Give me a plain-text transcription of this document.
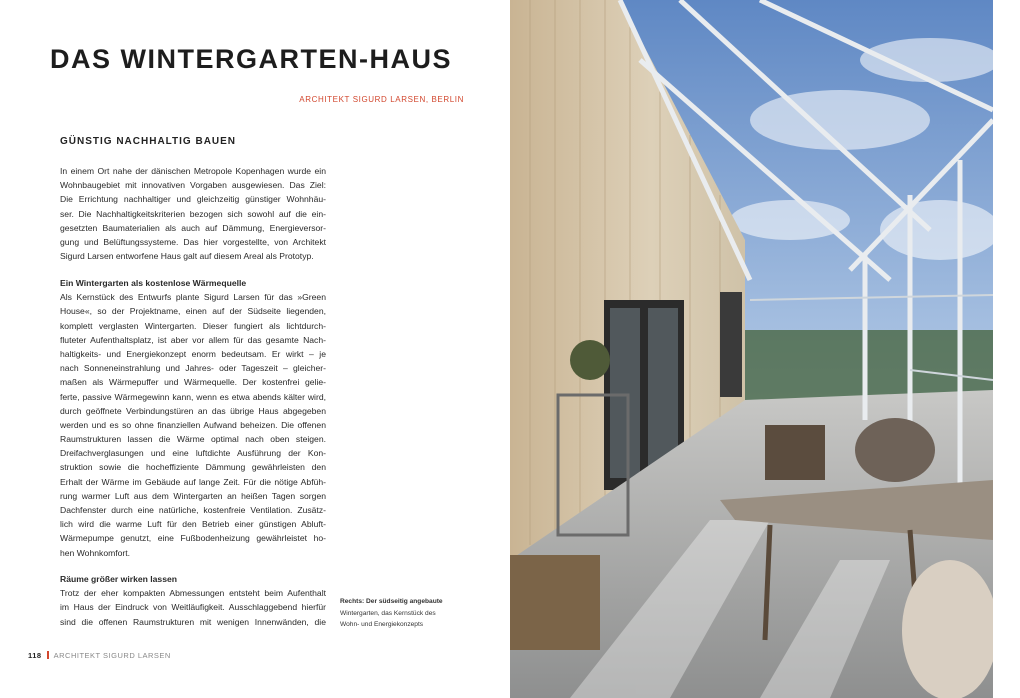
DAS WINTERGARTEN-HAUS
ARCHITEKT SIGURD LARSEN, BERLIN
GÜNSTIG NACHHALTIG BAUEN
In einem Ort nahe der dänischen Metropole Kopenhagen wurde ein
Wohnbaugebiet mit innovativen Vorgaben ausgewiesen. Das Ziel:
Die Errichtung nachhaltiger und gleichzeitig günstiger Wohnhäu-
ser. Die Nachhaltigkeitskriterien bezogen sich sowohl auf die ein-
gesetzten Baumaterialien als auch auf Dämmung, Energieversor-
gung und Belüftungssysteme. Das hier vorgestellte, von Architekt
Sigurd Larsen entworfene Haus galt auf diesem Areal als Prototyp.
Ein Wintergarten als kostenlose Wärmequelle
Als Kernstück des Entwurfs plante Sigurd Larsen für das »Green
House«, so der Projektname, einen auf der Südseite liegenden,
komplett verglasten Wintergarten. Dieser fungiert als lichtdurch-
fluteter Aufenthaltsplatz, ist aber vor allem für das gesamte Nach-
haltigkeits- und Energiekonzept enorm bedeutsam. Er wirkt – je
nach Sonneneinstrahlung und Jahres- oder Tageszeit – gleicher-
maßen als Wärmepuffer und Wärmequelle. Der kostenfrei gelie-
ferte, passive Wärmegewinn kann, wenn es etwa abends kälter wird,
durch geöffnete Verbindungstüren an das übrige Haus abgegeben
werden und es so ohne finanziellen Aufwand beheizen. Die offenen
Raumstrukturen lassen die Wärme optimal nach oben steigen.
Dreifachverglasungen und eine luftdichte Ausführung der Kon-
struktion sowie die hocheffiziente Dämmung gewährleisten den
Erhalt der Wärme im Gebäude auf lange Zeit. Für die nötige Abfüh-
rung warmer Luft aus dem Wintergarten an heißen Tagen sorgen
Dachfenster durch eine natürliche, kostenfreie Ventilation. Zusätz-
lich wird die warme Luft für den Betrieb einer günstigen Abluft-
Wärmepumpe genutzt, eine Fußbodenheizung gewährleistet ho-
hen Wohnkomfort.
Räume größer wirken lassen
Trotz der eher kompakten Abmessungen entsteht beim Aufenthalt
im Haus der Eindruck von Weitläufigkeit. Ausschlaggebend hierfür
sind die offenen Raumstrukturen mit wenigen Innenwänden, die
Rechts: Der südseitig angebaute
Wintergarten, das Kernstück des
Wohn- und Energiekonzepts
118 ARCHITEKT SIGURD LARSEN
